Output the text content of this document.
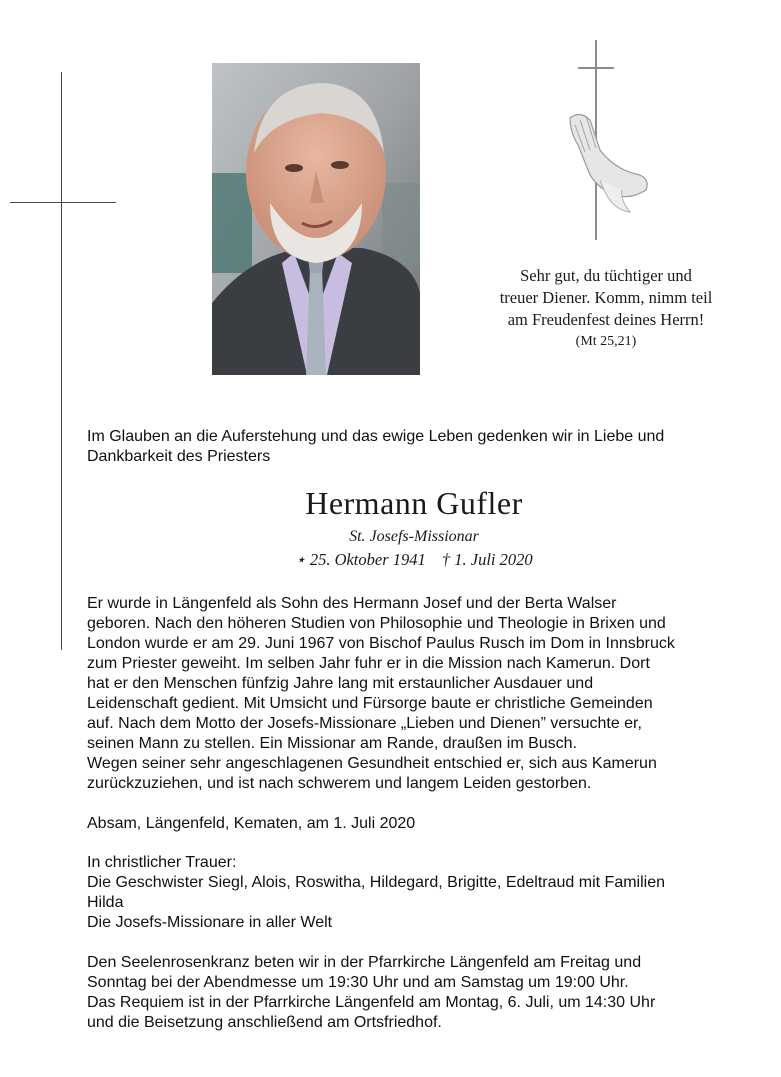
Sehr gut, du tüchtiger und
treuer Diener. Komm, nimm teil
am Freudenfest deines Herrn!
(Mt 25,21)
Im Glauben an die Auferstehung und das ewige Leben gedenken wir in Liebe und
Dankbarkeit des Priesters
Hermann Gufler
St. Josefs-Missionar
⋆ 25. Oktober 1941 † 1. Juli 2020
Er wurde in Längenfeld als Sohn des Hermann Josef und der Berta Walser
geboren. Nach den höheren Studien von Philosophie und Theologie in Brixen und
London wurde er am 29. Juni 1967 von Bischof Paulus Rusch im Dom in Innsbruck
zum Priester geweiht. Im selben Jahr fuhr er in die Mission nach Kamerun. Dort
hat er den Menschen fünfzig Jahre lang mit erstaunlicher Ausdauer und
Leidenschaft gedient. Mit Umsicht und Fürsorge baute er christliche Gemeinden
auf. Nach dem Motto der Josefs-Missionare „Lieben und Dienen” versuchte er,
seinen Mann zu stellen. Ein Missionar am Rande, draußen im Busch.
Wegen seiner sehr angeschlagenen Gesundheit entschied er, sich aus Kamerun
zurückzuziehen, und ist nach schwerem und langem Leiden gestorben.
Absam, Längenfeld, Kematen, am 1. Juli 2020
In christlicher Trauer:
Die Geschwister Siegl, Alois, Roswitha, Hildegard, Brigitte, Edeltraud mit Familien
Hilda
Die Josefs-Missionare in aller Welt
Den Seelenrosenkranz beten wir in der Pfarrkirche Längenfeld am Freitag und
Sonntag bei der Abendmesse um 19:30 Uhr und am Samstag um 19:00 Uhr.
Das Requiem ist in der Pfarrkirche Längenfeld am Montag, 6. Juli, um 14:30 Uhr
und die Beisetzung anschließend am Ortsfriedhof.
